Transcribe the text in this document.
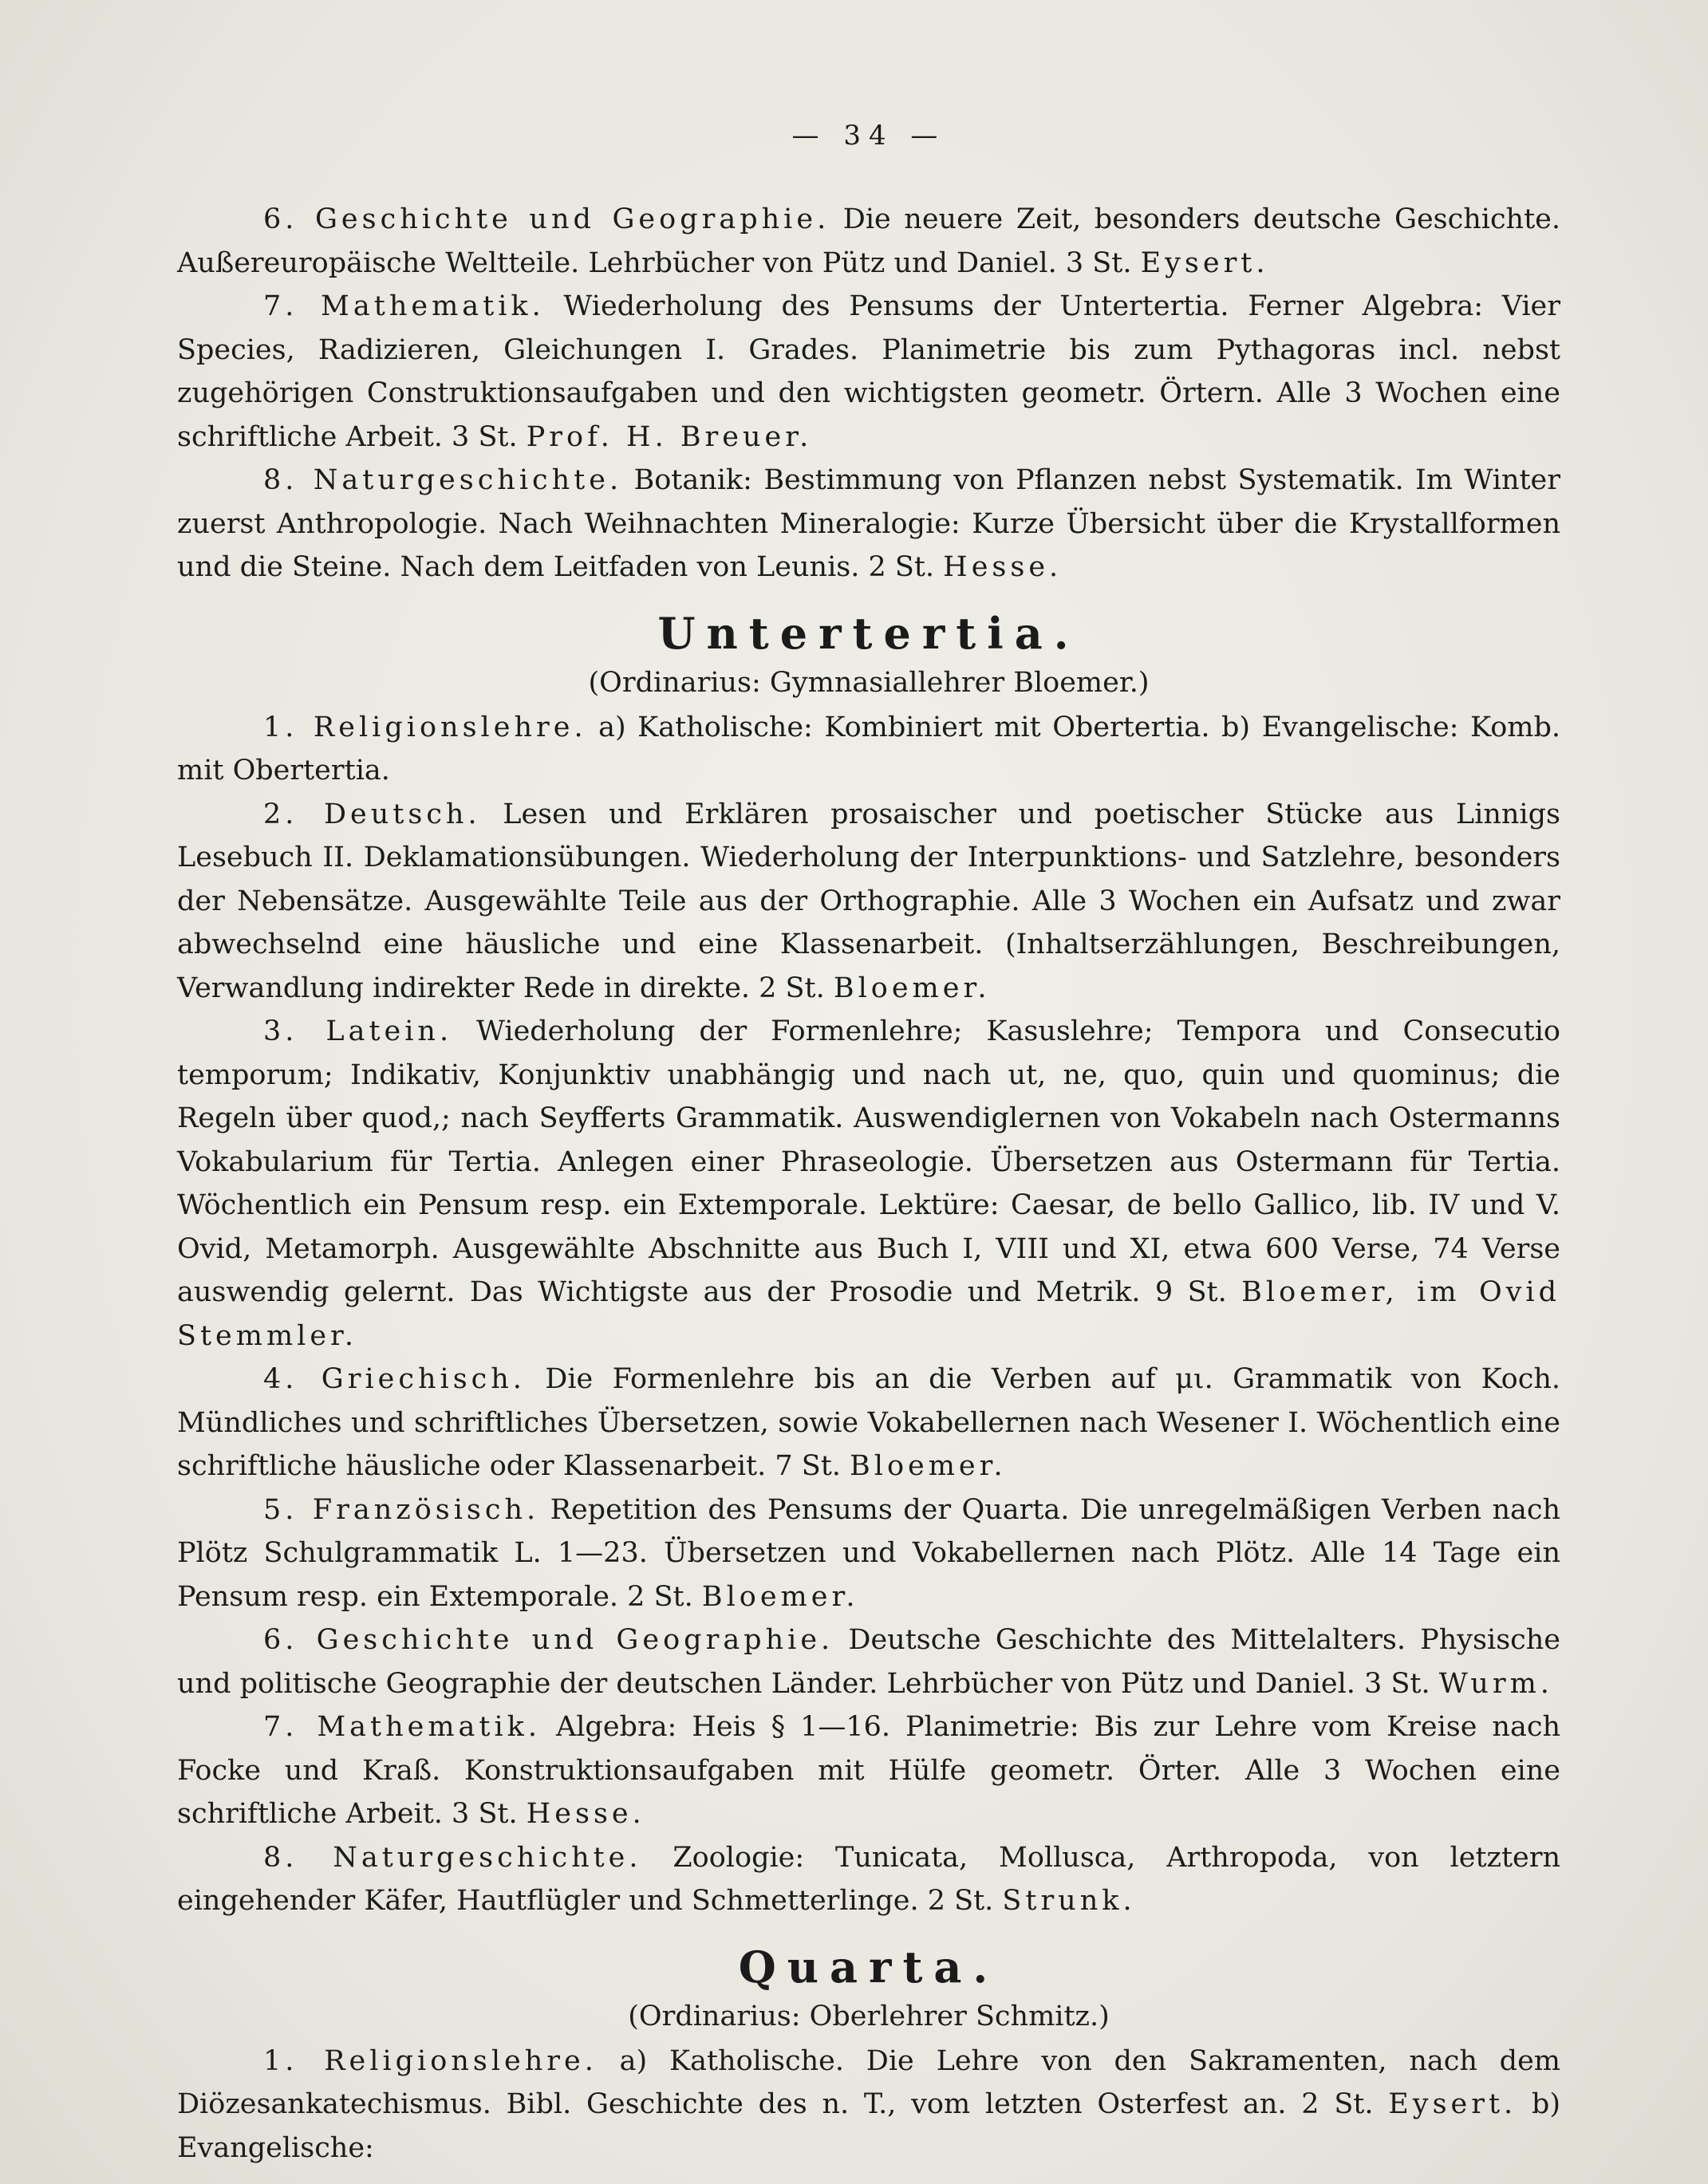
— 34 —

6. Geschichte und Geographie. Die neuere Zeit, besonders deutsche Geschichte. Außereuropäische Weltteile. Lehrbücher von Pütz und Daniel. 3 St. Eysert.

7. Mathematik. Wiederholung des Pensums der Untertertia. Ferner Algebra: Vier Species, Radizieren, Gleichungen I. Grades. Planimetrie bis zum Pythagoras incl. nebst zugehörigen Construktionsaufgaben und den wichtigsten geometr. Örtern. Alle 3 Wochen eine schriftliche Arbeit. 3 St. Prof. H. Breuer.

8. Naturgeschichte. Botanik: Bestimmung von Pflanzen nebst Systematik. Im Winter zuerst Anthropologie. Nach Weihnachten Mineralogie: Kurze Übersicht über die Krystallformen und die Steine. Nach dem Leitfaden von Leunis. 2 St. Hesse.

Untertertia.
(Ordinarius: Gymnasiallehrer Bloemer.)

1. Religionslehre. a) Katholische: Kombiniert mit Obertertia. b) Evangelische: Komb. mit Obertertia.

2. Deutsch. Lesen und Erklären prosaischer und poetischer Stücke aus Linnigs Lesebuch II. Deklamationsübungen. Wiederholung der Interpunktions- und Satzlehre, besonders der Nebensätze. Ausgewählte Teile aus der Orthographie. Alle 3 Wochen ein Aufsatz und zwar abwechselnd eine häusliche und eine Klassenarbeit. (Inhaltserzählungen, Beschreibungen, Verwandlung indirekter Rede in direkte. 2 St. Bloemer.

3. Latein. Wiederholung der Formenlehre; Kasuslehre; Tempora und Consecutio temporum; Indikativ, Konjunktiv unabhängig und nach ut, ne, quo, quin und quominus; die Regeln über quod,; nach Seyfferts Grammatik. Auswendiglernen von Vokabeln nach Ostermanns Vokabularium für Tertia. Anlegen einer Phraseologie. Übersetzen aus Ostermann für Tertia. Wöchentlich ein Pensum resp. ein Extemporale. Lektüre: Caesar, de bello Gallico, lib. IV und V. Ovid, Metamorph. Ausgewählte Abschnitte aus Buch I, VIII und XI, etwa 600 Verse, 74 Verse auswendig gelernt. Das Wichtigste aus der Prosodie und Metrik. 9 St. Bloemer, im Ovid Stemmler.

4. Griechisch. Die Formenlehre bis an die Verben auf μι. Grammatik von Koch. Mündliches und schriftliches Übersetzen, sowie Vokabellernen nach Wesener I. Wöchentlich eine schriftliche häusliche oder Klassenarbeit. 7 St. Bloemer.

5. Französisch. Repetition des Pensums der Quarta. Die unregelmäßigen Verben nach Plötz Schulgrammatik L. 1—23. Übersetzen und Vokabellernen nach Plötz. Alle 14 Tage ein Pensum resp. ein Extemporale. 2 St. Bloemer.

6. Geschichte und Geographie. Deutsche Geschichte des Mittelalters. Physische und politische Geographie der deutschen Länder. Lehrbücher von Pütz und Daniel. 3 St. Wurm.

7. Mathematik. Algebra: Heis § 1—16. Planimetrie: Bis zur Lehre vom Kreise nach Focke und Kraß. Konstruktionsaufgaben mit Hülfe geometr. Örter. Alle 3 Wochen eine schriftliche Arbeit. 3 St. Hesse.

8. Naturgeschichte. Zoologie: Tunicata, Mollusca, Arthropoda, von letztern eingehender Käfer, Hautflügler und Schmetterlinge. 2 St. Strunk.

Quarta.
(Ordinarius: Oberlehrer Schmitz.)

1. Religionslehre. a) Katholische. Die Lehre von den Sakramenten, nach dem Diözesankatechismus. Bibl. Geschichte des n. T., vom letzten Osterfest an. 2 St. Eysert. b) Evangelische:
